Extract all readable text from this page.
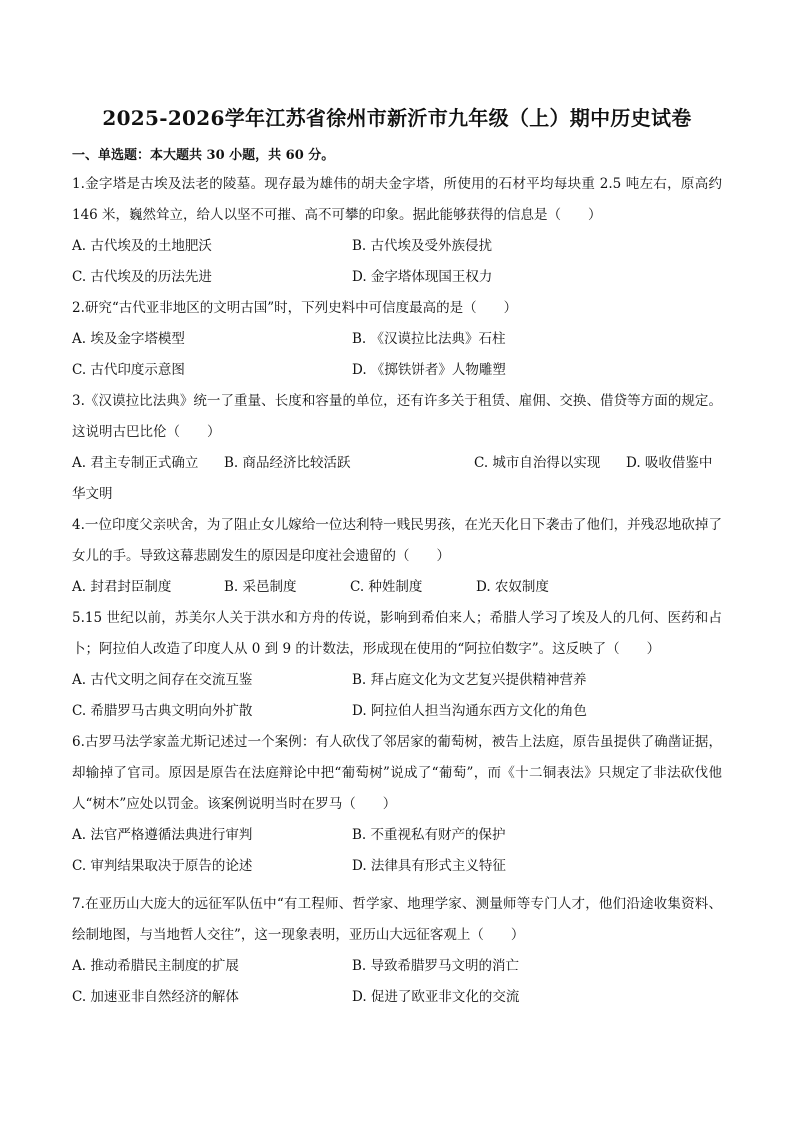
2025-2026学年江苏省徐州市新沂市九年级（上）期中历史试卷
一、单选题：本大题共 30 小题，共 60 分。
1.金字塔是古埃及法老的陵墓。现存最为雄伟的胡夫金字塔，所使用的石材平均每块重 2.5 吨左右，原高约 146 米，巍然耸立，给人以坚不可摧、高不可攀的印象。据此能够获得的信息是（　　）
A. 古代埃及的土地肥沃	B. 古代埃及受外族侵扰
C. 古代埃及的历法先进	D. 金字塔体现国王权力
2.研究“古代亚非地区的文明古国”时，下列史料中可信度最高的是（　　）
A. 埃及金字塔模型	B. 《汉谟拉比法典》石柱
C. 古代印度示意图	D. 《掷铁饼者》人物雕塑
3.《汉谟拉比法典》统一了重量、长度和容量的单位，还有许多关于租赁、雇佣、交换、借贷等方面的规定。这说明古巴比伦（　　）
A. 君主专制正式确立 B. 商品经济比较活跃	C. 城市自治得以实现 D. 吸收借鉴中华文明
4.一位印度父亲吠舍，为了阻止女儿嫁给一位达利特一贱民男孩，在光天化日下袭击了他们，并残忍地砍掉了女儿的手。导致这幕悲剧发生的原因是印度社会遗留的（　　）
A. 封君封臣制度	B. 采邑制度	C. 种姓制度	D. 农奴制度
5.15 世纪以前，苏美尔人关于洪水和方舟的传说，影响到希伯来人；希腊人学习了埃及人的几何、医药和占卜；阿拉伯人改造了印度人从 0 到 9 的计数法，形成现在使用的“阿拉伯数字”。这反映了（　　）
A. 古代文明之间存在交流互鉴	B. 拜占庭文化为文艺复兴提供精神营养
C. 希腊罗马古典文明向外扩散	D. 阿拉伯人担当沟通东西方文化的角色
6.古罗马法学家盖尤斯记述过一个案例：有人砍伐了邻居家的葡萄树，被告上法庭，原告虽提供了确凿证据，却输掉了官司。原因是原告在法庭辩论中把“葡萄树”说成了“葡萄”，而《十二铜表法》只规定了非法砍伐他人“树木”应处以罚金。该案例说明当时在罗马（　　）
A. 法官严格遵循法典进行审判	B. 不重视私有财产的保护
C. 审判结果取决于原告的论述	D. 法律具有形式主义特征
7.在亚历山大庞大的远征军队伍中“有工程师、哲学家、地理学家、测量师等专门人才，他们沿途收集资料、绘制地图，与当地哲人交往”，这一现象表明，亚历山大远征客观上（　　）
A. 推动希腊民主制度的扩展	B. 导致希腊罗马文明的消亡
C. 加速亚非自然经济的解体	D. 促进了欧亚非文化的交流
